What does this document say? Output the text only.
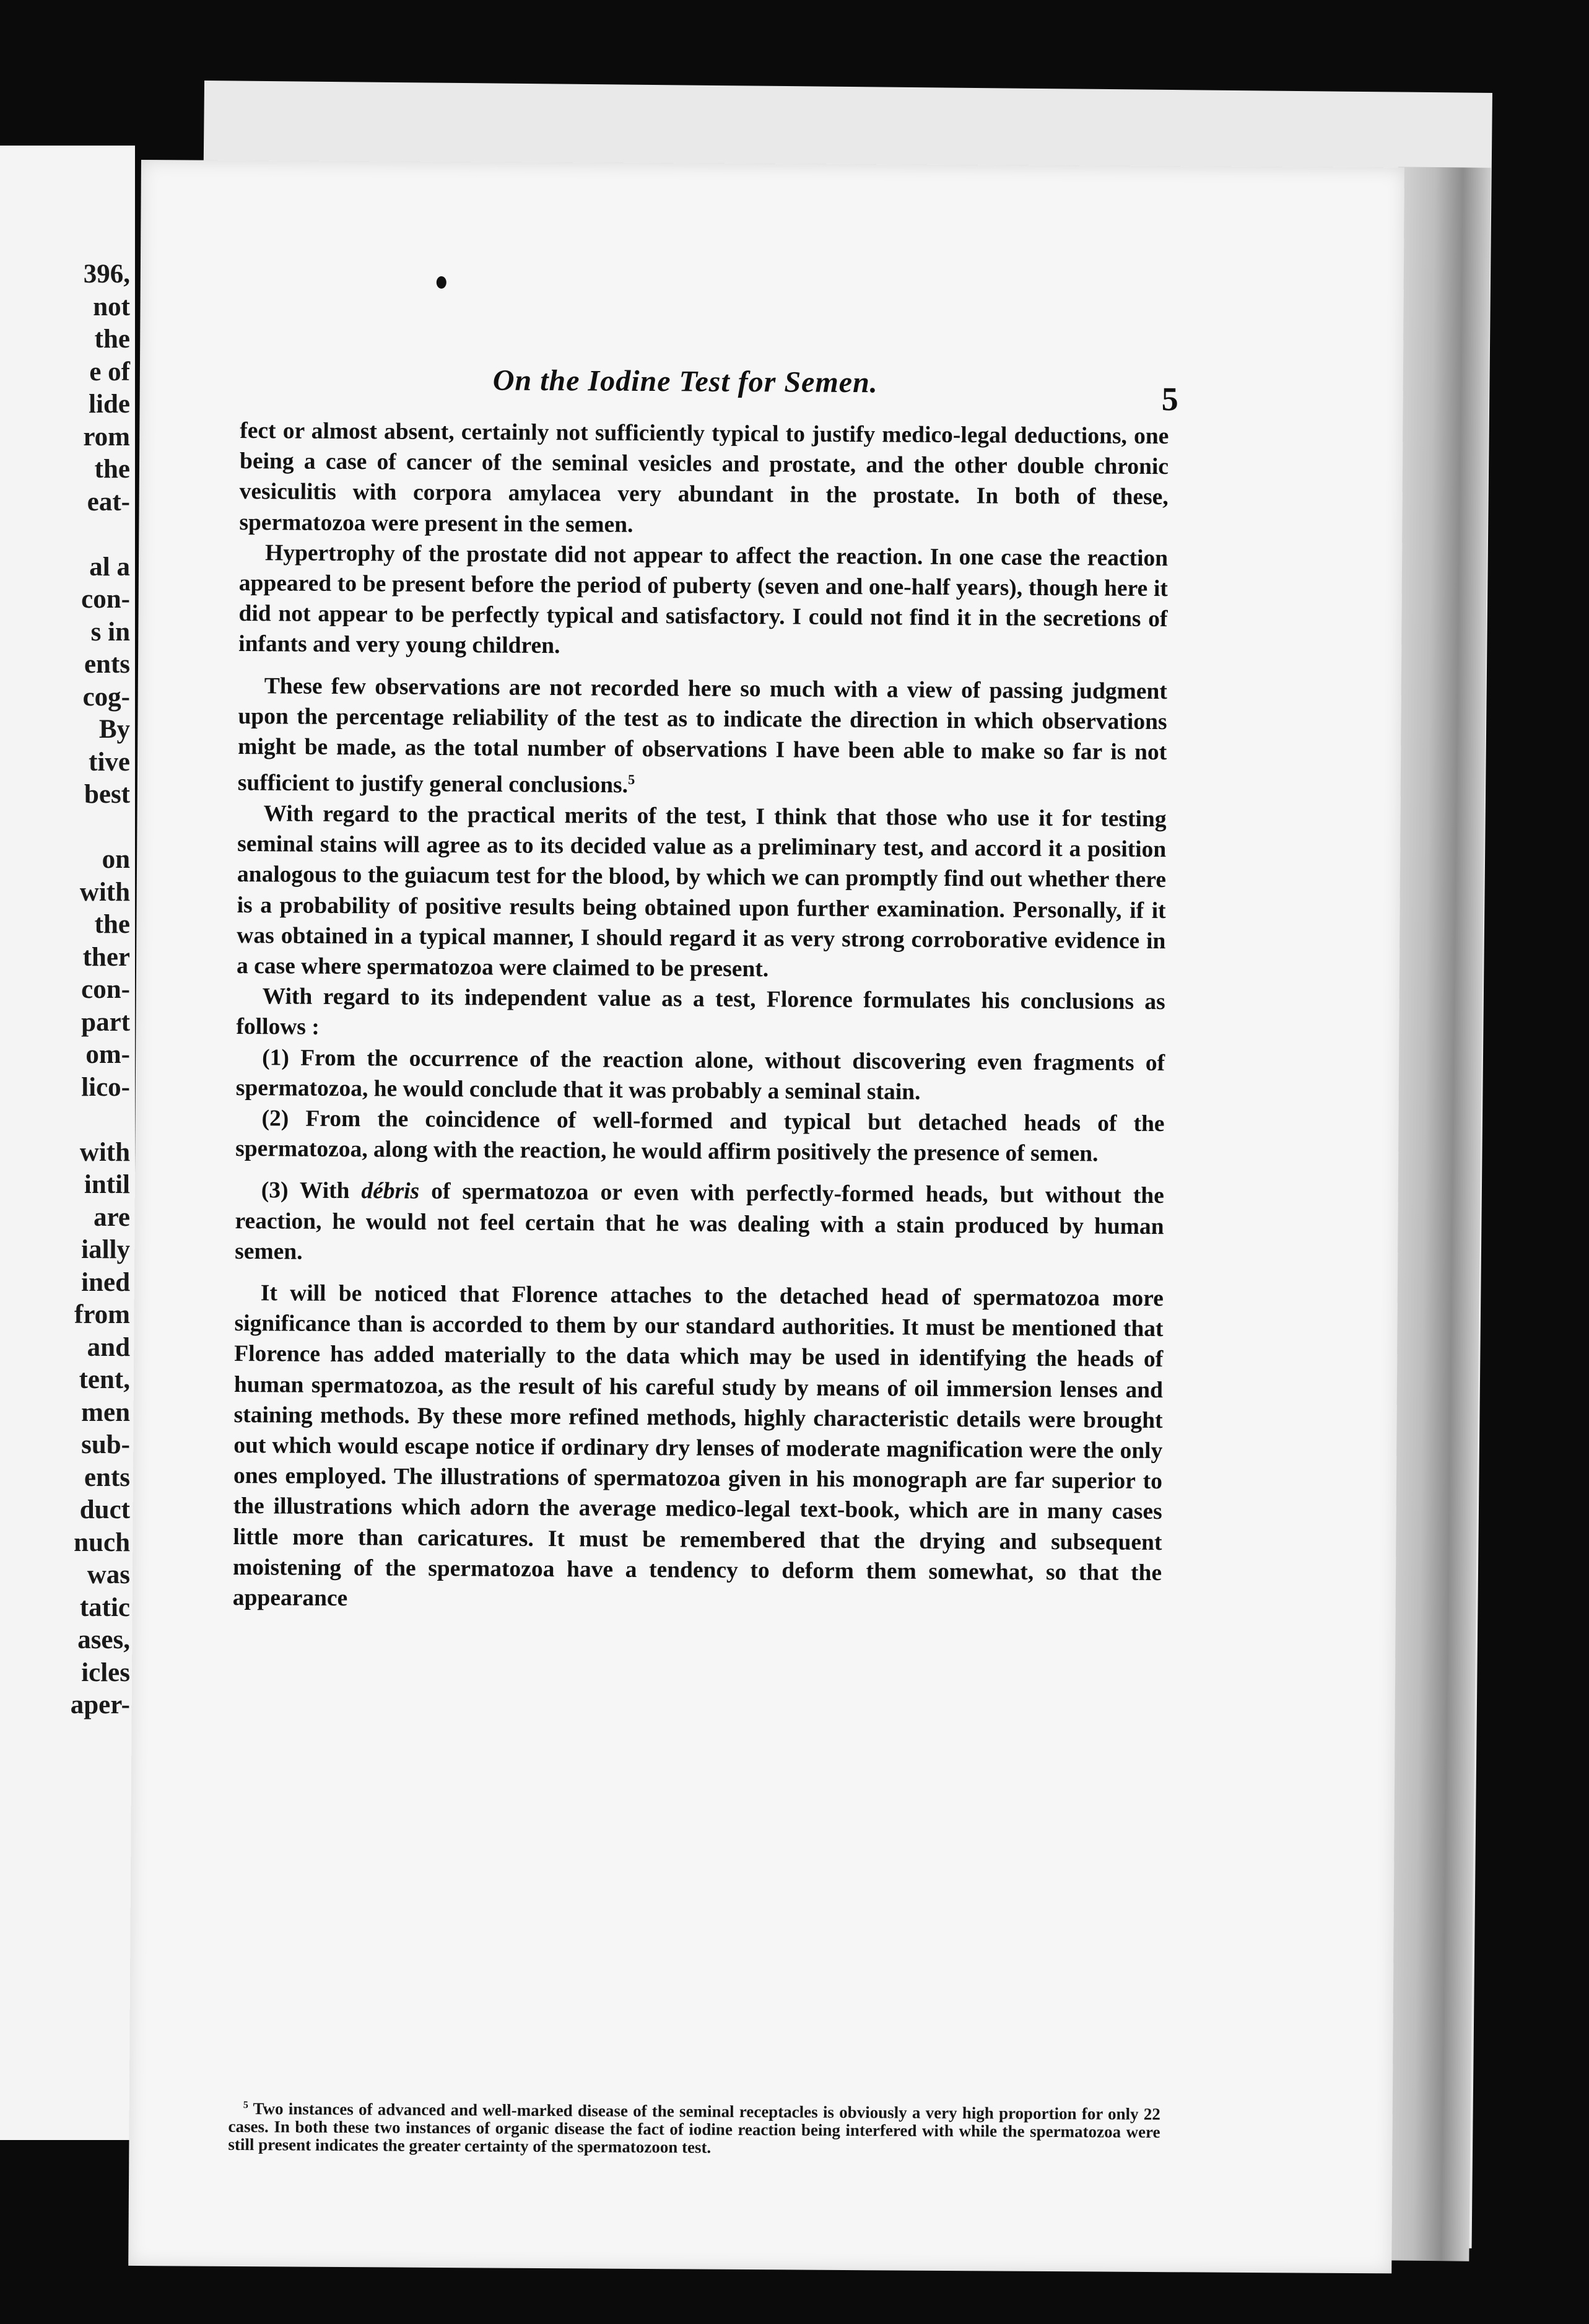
396,
not
the
e of
lide
rom
the
eat-
al a
con-
s in
ents
cog-
By
tive
best
on
with
the
ther
con-
part
om-
lico-
with
intil
are
ially
ined
from
and
tent,
men
sub-
ents
duct
nuch
was
tatic
ases,
icles
aper-
On the Iodine Test for Semen.	5

fect or almost absent, certainly not sufficiently typical to justify medico-legal deductions, one being a case of cancer of the seminal vesicles and prostate, and the other double chronic vesiculitis with corpora amylacea very abundant in the prostate. In both of these, spermatozoa were present in the semen.

Hypertrophy of the prostate did not appear to affect the reaction. In one case the reaction appeared to be present before the period of puberty (seven and one-half years), though here it did not appear to be perfectly typical and satisfactory. I could not find it in the secretions of infants and very young children.

These few observations are not recorded here so much with a view of passing judgment upon the percentage reliability of the test as to indicate the direction in which observations might be made, as the total number of observations I have been able to make so far is not sufficient to justify general conclusions.$^5$

With regard to the practical merits of the test, I think that those who use it for testing seminal stains will agree as to its decided value as a preliminary test, and accord it a position analogous to the guiacum test for the blood, by which we can promptly find out whether there is a probability of positive results being obtained upon further examination. Personally, if it was obtained in a typical manner, I should regard it as very strong corroborative evidence in a case where spermatozoa were claimed to be present.

With regard to its independent value as a test, Florence formulates his conclusions as follows :

(1) From the occurrence of the reaction alone, without discovering even fragments of spermatozoa, he would conclude that it was probably a seminal stain.

(2) From the coincidence of well-formed and typical but detached heads of the spermatozoa, along with the reaction, he would affirm positively the presence of semen.

(3) With débris of spermatozoa or even with perfectly-formed heads, but without the reaction, he would not feel certain that he was dealing with a stain produced by human semen.

It will be noticed that Florence attaches to the detached head of spermatozoa more significance than is accorded to them by our standard authorities. It must be mentioned that Florence has added materially to the data which may be used in identifying the heads of human spermatozoa, as the result of his careful study by means of oil immersion lenses and staining methods. By these more refined methods, highly characteristic details were brought out which would escape notice if ordinary dry lenses of moderate magnification were the only ones employed. The illustrations of spermatozoa given in his monograph are far superior to the illustrations which adorn the average medico-legal text-book, which are in many cases little more than caricatures. It must be remembered that the drying and subsequent moistening of the spermatozoa have a tendency to deform them somewhat, so that the appearance

$^5$ Two instances of advanced and well-marked disease of the seminal receptacles is obviously a very high proportion for only 22 cases. In both these two instances of organic disease the fact of iodine reaction being interfered with while the spermatozoa were still present indicates the greater certainty of the spermatozoon test.
